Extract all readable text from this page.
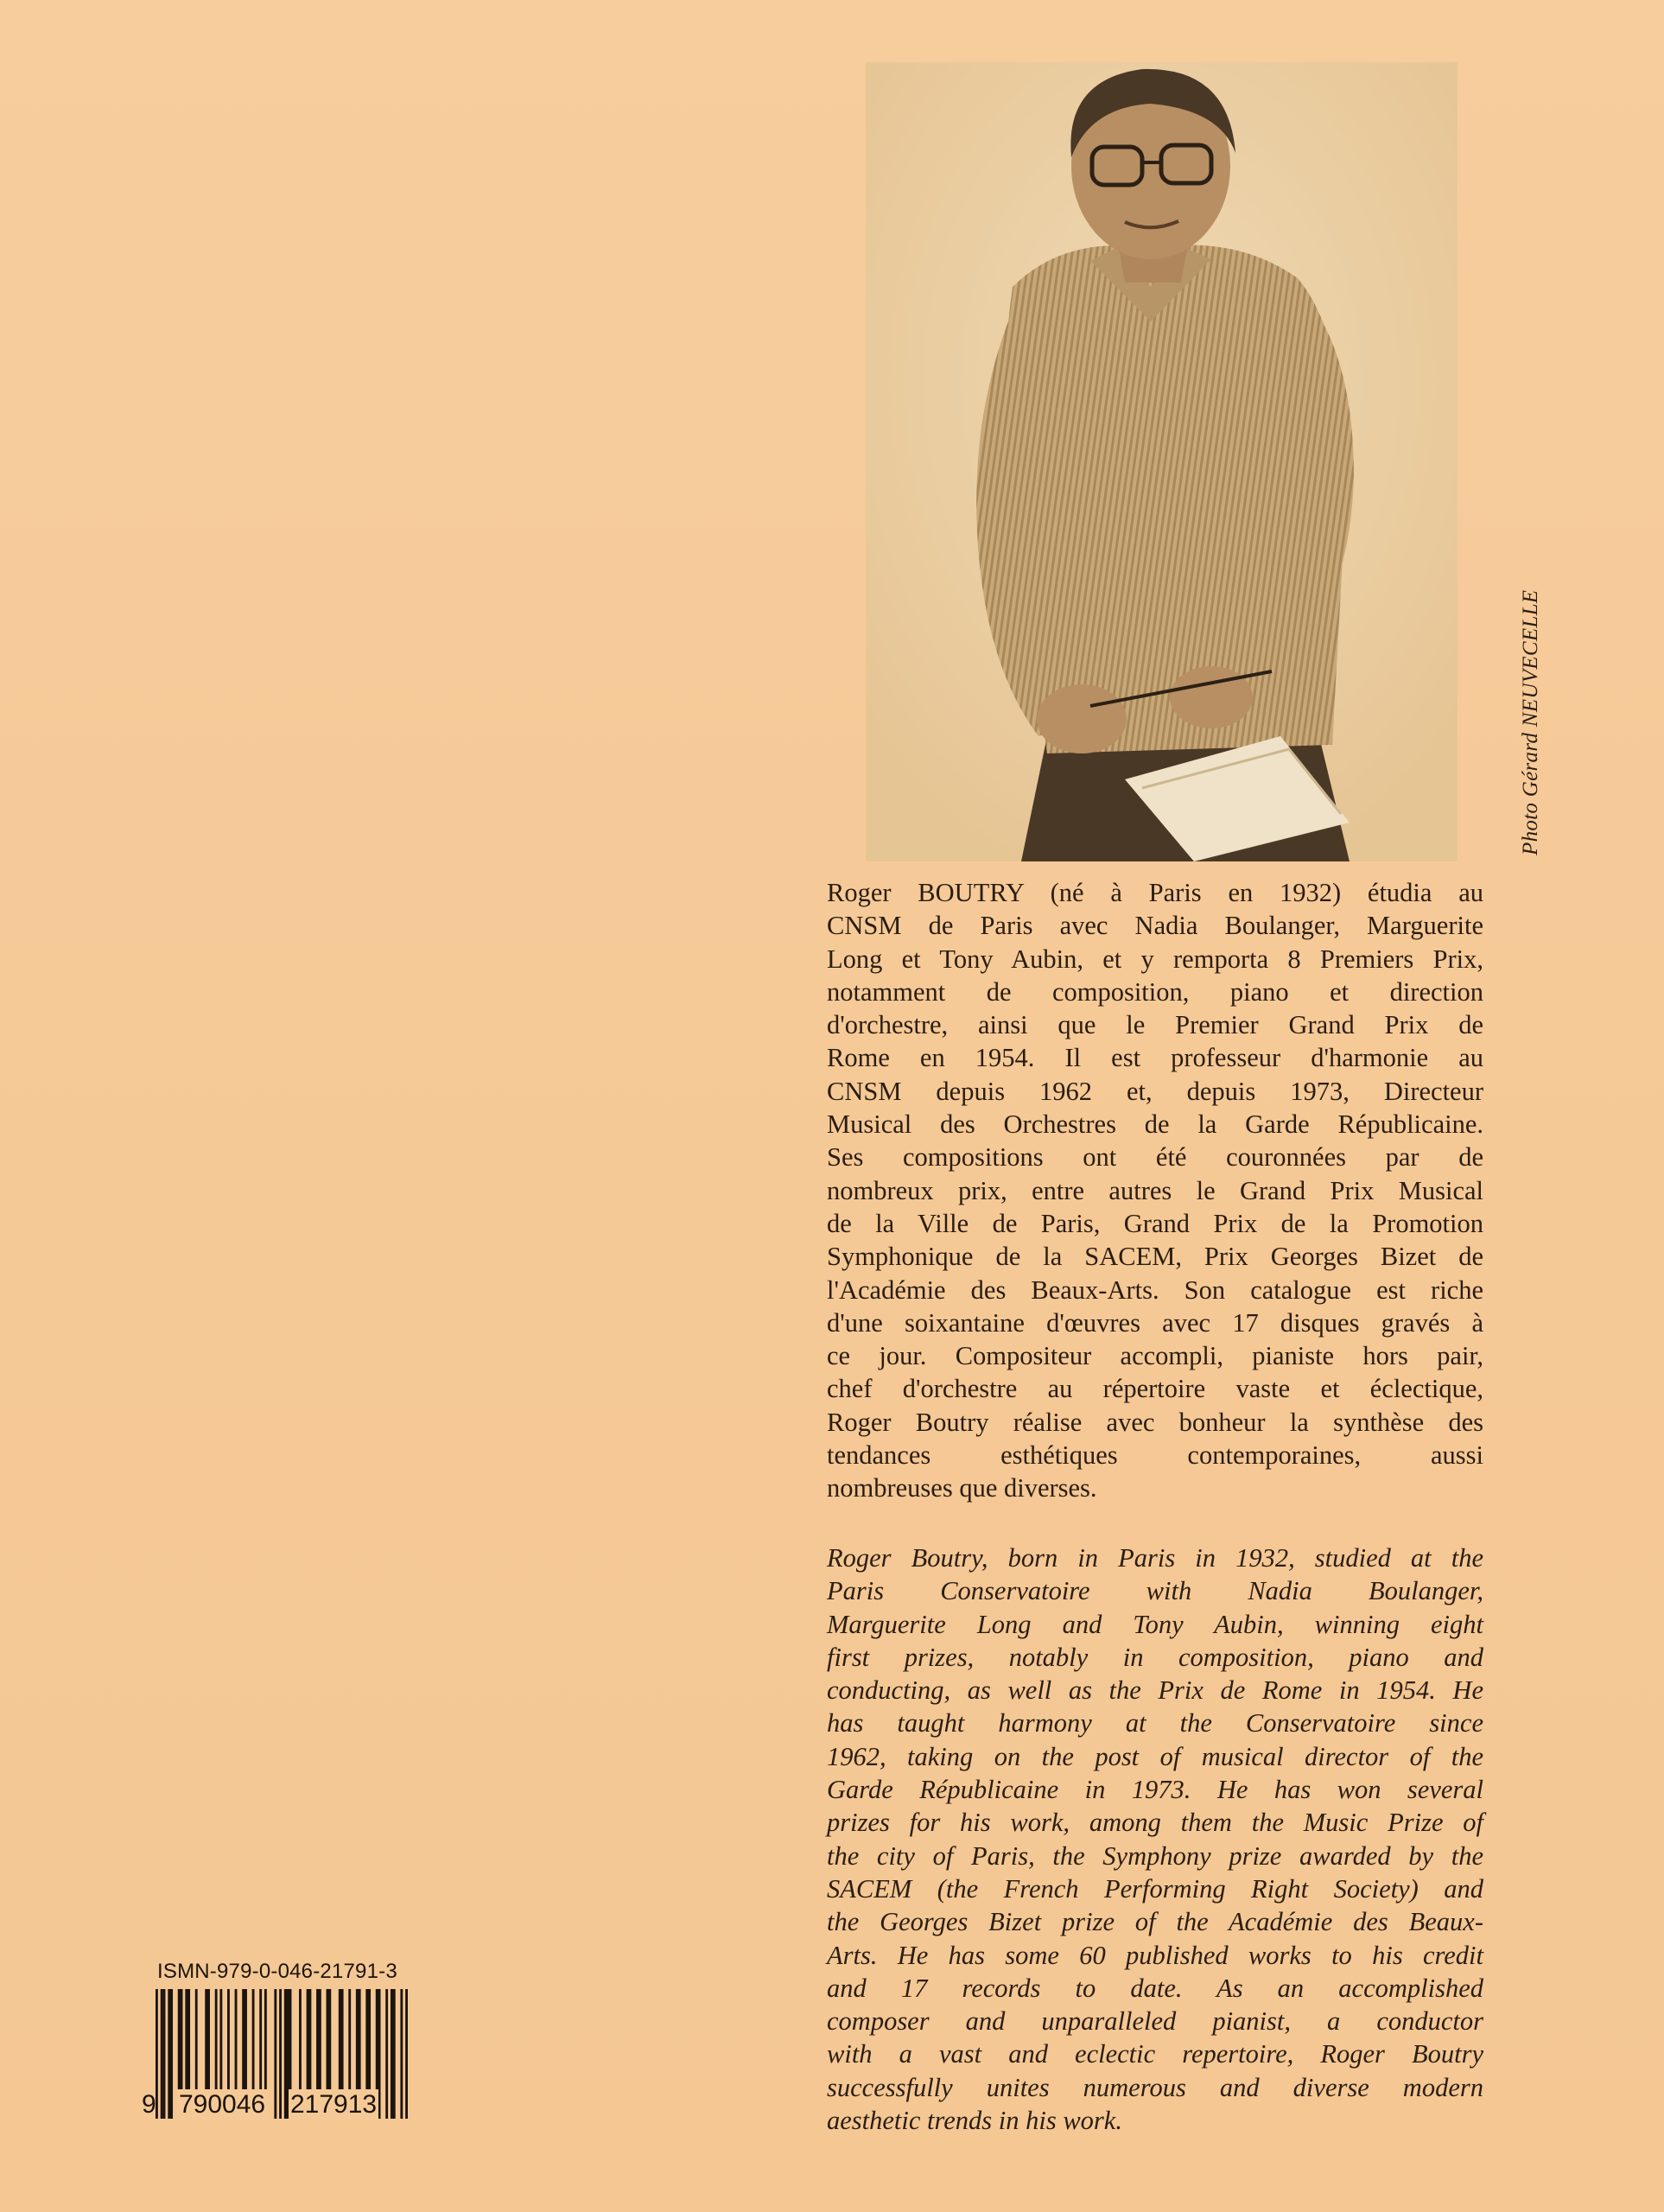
Photo Gérard NEUVECELLE
Roger BOUTRY (né à Paris en 1932) étudia au
CNSM de Paris avec Nadia Boulanger, Marguerite
Long et Tony Aubin, et y remporta 8 Premiers Prix,
notamment de composition, piano et direction
d'orchestre, ainsi que le Premier Grand Prix de
Rome en 1954. Il est professeur d'harmonie au
CNSM depuis 1962 et, depuis 1973, Directeur
Musical des Orchestres de la Garde Républicaine.
Ses compositions ont été couronnées par de
nombreux prix, entre autres le Grand Prix Musical
de la Ville de Paris, Grand Prix de la Promotion
Symphonique de la SACEM, Prix Georges Bizet de
l'Académie des Beaux-Arts. Son catalogue est riche
d'une soixantaine d'œuvres avec 17 disques gravés à
ce jour. Compositeur accompli, pianiste hors pair,
chef d'orchestre au répertoire vaste et éclectique,
Roger Boutry réalise avec bonheur la synthèse des
tendances esthétiques contemporaines, aussi
nombreuses que diverses.
Roger Boutry, born in Paris in 1932, studied at the
Paris Conservatoire with Nadia Boulanger,
Marguerite Long and Tony Aubin, winning eight
first prizes, notably in composition, piano and
conducting, as well as the Prix de Rome in 1954. He
has taught harmony at the Conservatoire since
1962, taking on the post of musical director of the
Garde Républicaine in 1973. He has won several
prizes for his work, among them the Music Prize of
the city of Paris, the Symphony prize awarded by the
SACEM (the French Performing Right Society) and
the Georges Bizet prize of the Académie des Beaux-
Arts. He has some 60 published works to his credit
and 17 records to date. As an accomplished
composer and unparalleled pianist, a conductor
with a vast and eclectic repertoire, Roger Boutry
successfully unites numerous and diverse modern
aesthetic trends in his work.
ISMN-979-0-046-21791-3
9 790046 217913
